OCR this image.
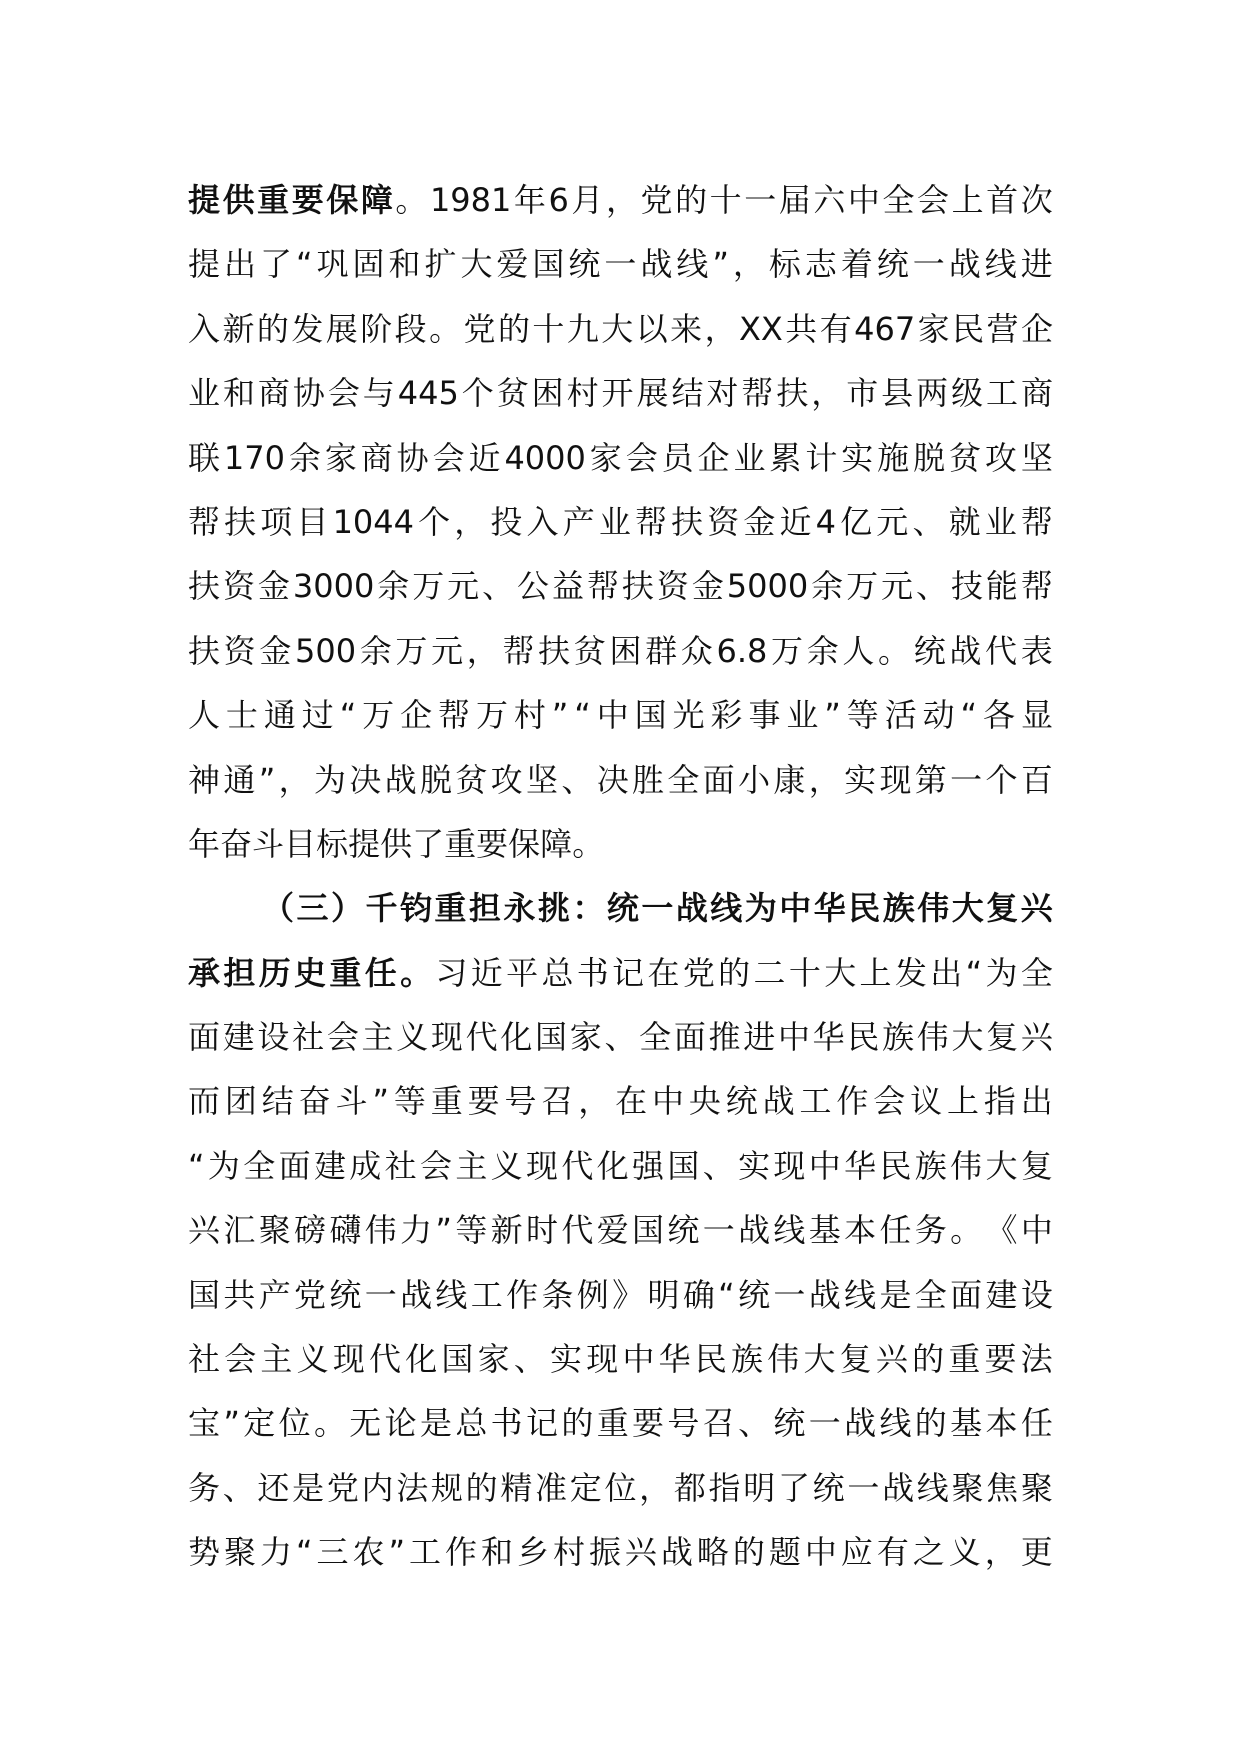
提 供 重 要 保 障 。 1981 年 6 月 ， 党 的 十 一 届 六 中 全 会 上 首 次
提 出 了 “ 巩 固 和 扩 大 爱 国 统 一 战 线 ” ， 标 志 着 统 一 战 线 进
入 新 的 发 展 阶 段 。 党 的 十 九 大 以 来 ， XX 共 有 467 家 民 营 企
业 和 商 协 会 与 445 个 贫 困 村 开 展 结 对 帮 扶 ， 市 县 两 级 工 商
联 170 余 家 商 协 会 近 4000 家 会 员 企 业 累 计 实 施 脱 贫 攻 坚
帮 扶 项 目 1044 个 ， 投 入 产 业 帮 扶 资 金 近 4 亿 元 、 就 业 帮
扶 资 金 3000 余 万 元 、 公 益 帮 扶 资 金 5000 余 万 元 、 技 能 帮
扶 资 金 500 余 万 元 ， 帮 扶 贫 困 群 众 6.8 万 余 人 。 统 战 代 表
人 士 通 过 “ 万 企 帮 万 村 ” “ 中 国 光 彩 事 业 ” 等 活 动 “ 各 显
神 通 ” ， 为 决 战 脱 贫 攻 坚 、 决 胜 全 面 小 康 ， 实 现 第 一 个 百
年 奋 斗 目 标 提 供 了 重 要 保 障 。
（ 三 ） 千 钧 重 担 永 挑 ： 统 一 战 线 为 中 华 民 族 伟 大 复 兴
承 担 历 史 重 任 。 习 近 平 总 书 记 在 党 的 二 十 大 上 发 出 “ 为 全
面 建 设 社 会 主 义 现 代 化 国 家 、 全 面 推 进 中 华 民 族 伟 大 复 兴
而 团 结 奋 斗 ” 等 重 要 号 召 ， 在 中 央 统 战 工 作 会 议 上 指 出
“ 为 全 面 建 成 社 会 主 义 现 代 化 强 国 、 实 现 中 华 民 族 伟 大 复
兴 汇 聚 磅 礴 伟 力 ” 等 新 时 代 爱 国 统 一 战 线 基 本 任 务 。 《 中
国 共 产 党 统 一 战 线 工 作 条 例 》 明 确 “ 统 一 战 线 是 全 面 建 设
社 会 主 义 现 代 化 国 家 、 实 现 中 华 民 族 伟 大 复 兴 的 重 要 法
宝 ” 定 位 。 无 论 是 总 书 记 的 重 要 号 召 、 统 一 战 线 的 基 本 任
务 、 还 是 党 内 法 规 的 精 准 定 位 ， 都 指 明 了 统 一 战 线 聚 焦 聚
势 聚 力 “ 三 农 ” 工 作 和 乡 村 振 兴 战 略 的 题 中 应 有 之 义 ， 更
